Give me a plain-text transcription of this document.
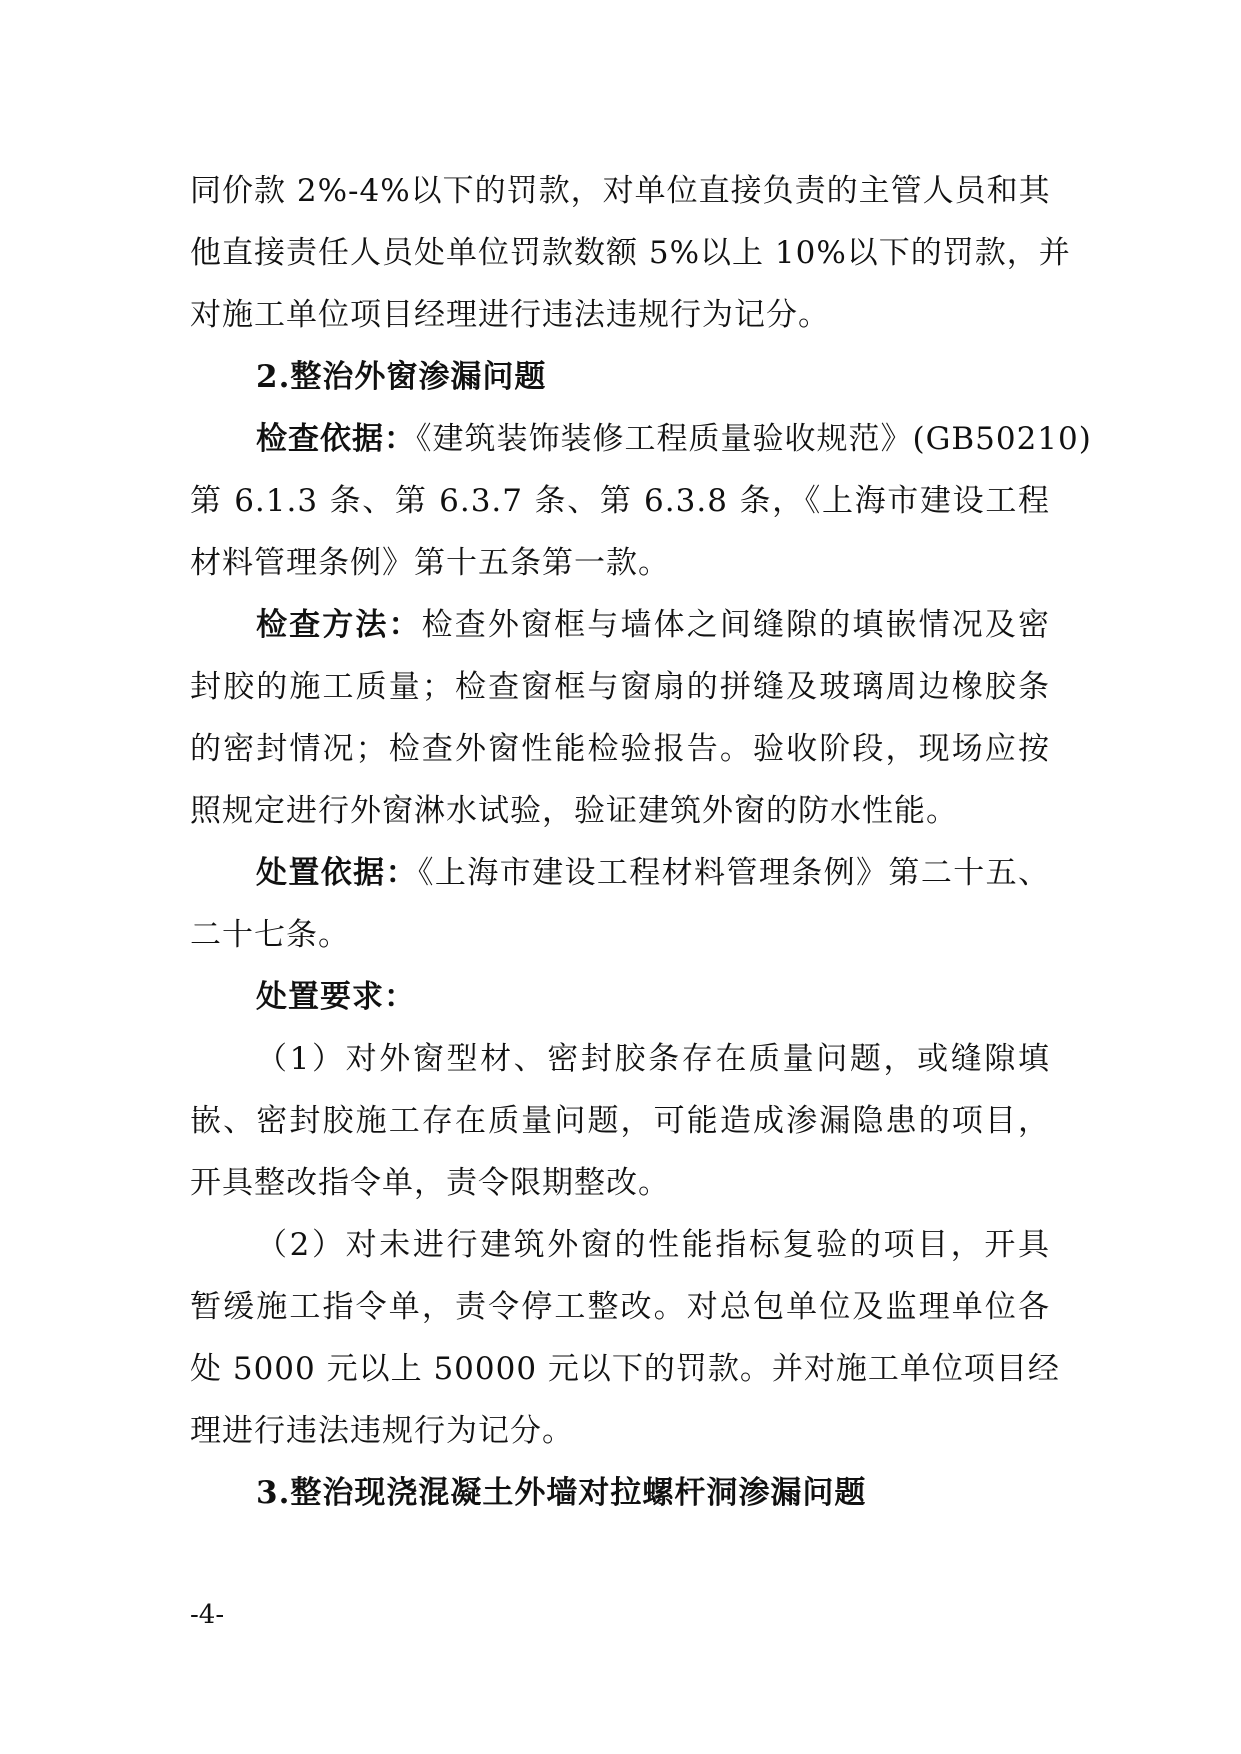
同价款 2%-4%以下的罚款，对单位直接负责的主管人员和其
他直接责任人员处单位罚款数额 5%以上 10%以下的罚款，并
对施工单位项目经理进行违法违规行为记分。
2.整治外窗渗漏问题
检查依据：《建筑装饰装修工程质量验收规范》(GB50210)
第 6.1.3 条、第 6.3.7 条、第 6.3.8 条，《上海市建设工程
材料管理条例》第十五条第一款。
检查方法：检查外窗框与墙体之间缝隙的填嵌情况及密
封胶的施工质量；检查窗框与窗扇的拼缝及玻璃周边橡胶条
的密封情况；检查外窗性能检验报告。验收阶段，现场应按
照规定进行外窗淋水试验，验证建筑外窗的防水性能。
处置依据：《上海市建设工程材料管理条例》第二十五、
二十七条。
处置要求：
（1）对外窗型材、密封胶条存在质量问题，或缝隙填
嵌、密封胶施工存在质量问题，可能造成渗漏隐患的项目，
开具整改指令单，责令限期整改。
（2）对未进行建筑外窗的性能指标复验的项目，开具
暂缓施工指令单，责令停工整改。对总包单位及监理单位各
处 5000 元以上 50000 元以下的罚款。并对施工单位项目经
理进行违法违规行为记分。
3.整治现浇混凝土外墙对拉螺杆洞渗漏问题
-4-
